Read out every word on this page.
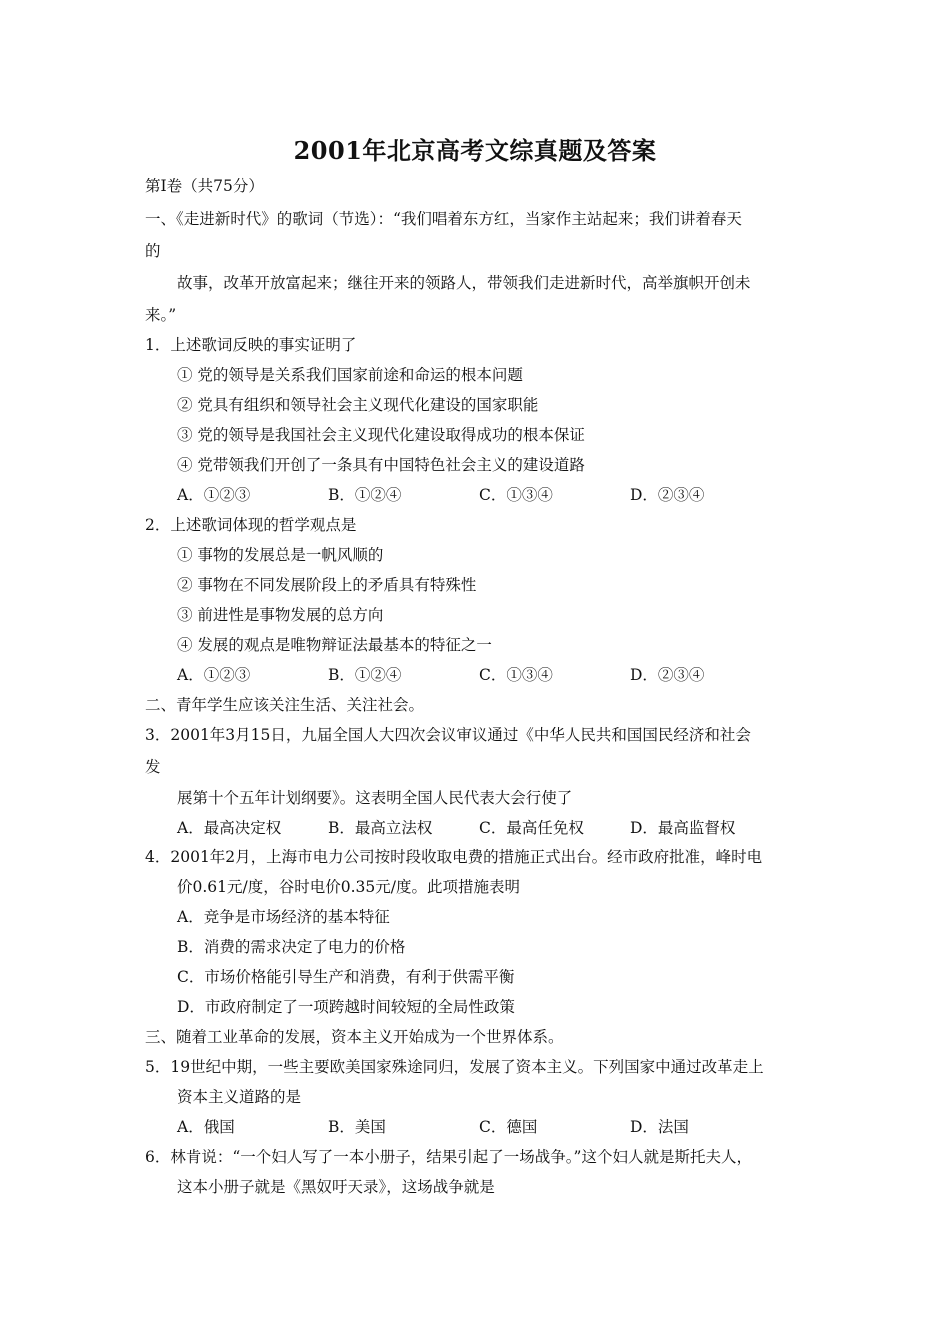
2001年北京高考文综真题及答案
第Ⅰ卷（共75分）
一、《走进新时代》的歌词（节选）：“我们唱着东方红，当家作主站起来；我们讲着春天
的
故事，改革开放富起来；继往开来的领路人，带领我们走进新时代，高举旗帜开创未
来。”
1．上述歌词反映的事实证明了
① 党的领导是关系我们国家前途和命运的根本问题
② 党具有组织和领导社会主义现代化建设的国家职能
③ 党的领导是我国社会主义现代化建设取得成功的根本保证
④ 党带领我们开创了一条具有中国特色社会主义的建设道路
A．①②③	B．①②④	C．①③④	D．②③④
2．上述歌词体现的哲学观点是
① 事物的发展总是一帆风顺的
② 事物在不同发展阶段上的矛盾具有特殊性
③ 前进性是事物发展的总方向
④ 发展的观点是唯物辩证法最基本的特征之一
A．①②③	B．①②④	C．①③④	D．②③④
二、青年学生应该关注生活、关注社会。
3．2001年3月15日，九届全国人大四次会议审议通过《中华人民共和国国民经济和社会
发
展第十个五年计划纲要》。这表明全国人民代表大会行使了
A．最高决定权	B．最高立法权	C．最高任免权	D．最高监督权
4．2001年2月，上海市电力公司按时段收取电费的措施正式出台。经市政府批准，峰时电
价0.61元/度，谷时电价0.35元/度。此项措施表明
A．竞争是市场经济的基本特征
B．消费的需求决定了电力的价格
C．市场价格能引导生产和消费，有利于供需平衡
D．市政府制定了一项跨越时间较短的全局性政策
三、随着工业革命的发展，资本主义开始成为一个世界体系。
5．19世纪中期，一些主要欧美国家殊途同归，发展了资本主义。下列国家中通过改革走上
资本主义道路的是
A．俄国	B．美国	C．德国	D．法国
6．林肯说：“一个妇人写了一本小册子，结果引起了一场战争。”这个妇人就是斯托夫人，
这本小册子就是《黑奴吁天录》，这场战争就是
